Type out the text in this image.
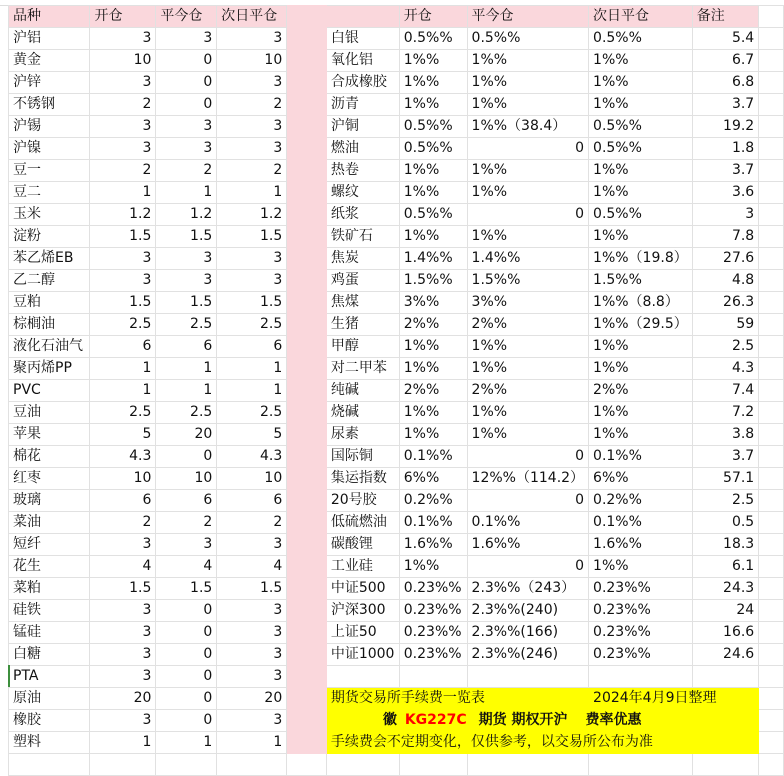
品种	开仓	平今仓	次日平仓			开仓	平今仓	次日平仓	备注	
沪铝	3	3	3		白银	0.5%%	0.5%%	0.5%%	5.4	
黄金	10	0	10		氧化铝	1%%	1%%	1%%	6.7	
沪锌	3	0	3		合成橡胶	1%%	1%%	1%%	6.8	
不锈钢	2	0	2		沥青	1%%	1%%	1%%	3.7	
沪锡	3	3	3		沪铜	0.5%%	1%%（38.4）	0.5%%	19.2	
沪镍	3	3	3		燃油	0.5%%	0	0.5%%	1.8	
豆一	2	2	2		热卷	1%%	1%%	1%%	3.7	
豆二	1	1	1		螺纹	1%%	1%%	1%%	3.6	
玉米	1.2	1.2	1.2		纸浆	0.5%%	0	0.5%%	3	
淀粉	1.5	1.5	1.5		铁矿石	1%%	1%%	1%%	7.8	
苯乙烯EB	3	3	3		焦炭	1.4%%	1.4%%	1%%（19.8）	27.6	
乙二醇	3	3	3		鸡蛋	1.5%%	1.5%%	1.5%%	4.8	
豆粕	1.5	1.5	1.5		焦煤	3%%	3%%	1%%（8.8）	26.3	
棕榈油	2.5	2.5	2.5		生猪	2%%	2%%	1%%（29.5）	59	
液化石油气	6	6	6		甲醇	1%%	1%%	1%%	2.5	
聚丙烯PP	1	1	1		对二甲苯	1%%	1%%	1%%	4.3	
PVC	1	1	1		纯碱	2%%	2%%	2%%	7.4	
豆油	2.5	2.5	2.5		烧碱	1%%	1%%	1%%	7.2	
苹果	5	20	5		尿素	1%%	1%%	1%%	3.8	
棉花	4.3	0	4.3		国际铜	0.1%%	0	0.1%%	3.7	
红枣	10	10	10		集运指数	6%%	12%%（114.2）	6%%	57.1	
玻璃	6	6	6		20号胶	0.2%%	0	0.2%%	2.5	
菜油	2	2	2		低硫燃油	0.1%%	0.1%%	0.1%%	0.5	
短纤	3	3	3		碳酸锂	1.6%%	1.6%%	1.6%%	18.3	
花生	4	4	4		工业硅	1%%	0	1%%	6.1	
菜粕	1.5	1.5	1.5		中证500	0.23%%	2.3%%（243）	0.23%%	24.3	
硅铁	3	0	3		沪深300	0.23%%	2.3%%(240)	0.23%%	24	
锰硅	3	0	3		上证50	0.23%%	2.3%%(166)	0.23%%	16.6	
白糖	3	0	3		中证1000	0.23%%	2.3%%(246)	0.23%%	24.6	
PTA	3	0	3							
原油	20	0	20		期货交易所手续费一览表			2024年4月9日整理		
橡胶	3	0	3		徽 KG227C 期货 期权开沪 费率优惠					
塑料	1	1	1		手续费会不定期变化，仅供参考，以交易所公布为准					
